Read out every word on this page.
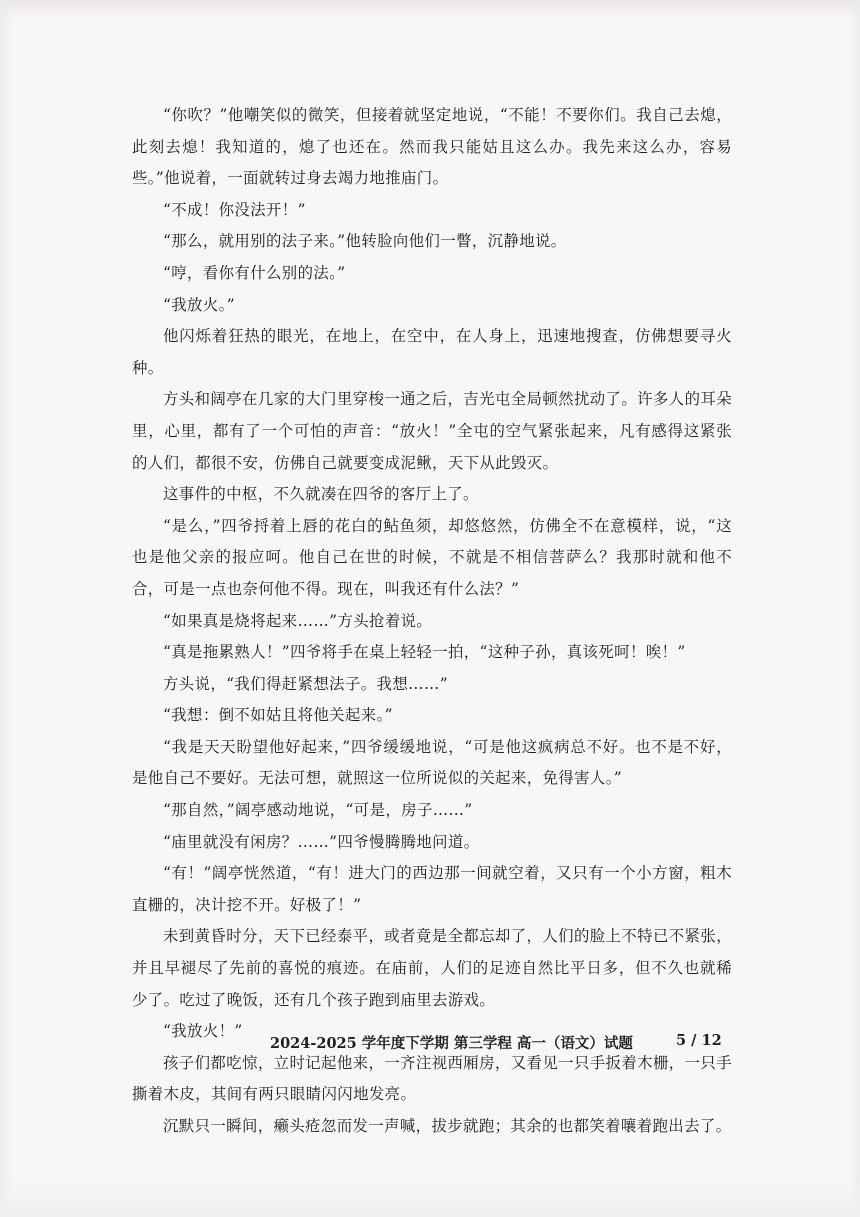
“你吹？”他嘲笑似的微笑，但接着就坚定地说，“不能！不要你们。我自己去熄，此刻去熄！我知道的，熄了也还在。然而我只能姑且这么办。我先来这么办，容易些。”他说着，一面就转过身去竭力地推庙门。

“不成！你没法开！”

“那么，就用别的法子来。”他转脸向他们一瞥，沉静地说。

“哼，看你有什么别的法。”

“我放火。”

他闪烁着狂热的眼光，在地上，在空中，在人身上，迅速地搜查，仿佛想要寻火种。

方头和阔亭在几家的大门里穿梭一通之后，吉光屯全局顿然扰动了。许多人的耳朵里，心里，都有了一个可怕的声音：“放火！”全屯的空气紧张起来，凡有感得这紧张的人们，都很不安，仿佛自己就要变成泥鳅，天下从此毁灭。

这事件的中枢，不久就凑在四爷的客厅上了。

“是么，”四爷捋着上唇的花白的鲇鱼须，却悠悠然，仿佛全不在意模样，说，“这也是他父亲的报应呵。他自己在世的时候，不就是不相信菩萨么？我那时就和他不合，可是一点也奈何他不得。现在，叫我还有什么法？”

“如果真是烧将起来……”方头抢着说。

“真是拖累熟人！”四爷将手在桌上轻轻一拍，“这种子孙，真该死呵！唉！”

方头说，“我们得赶紧想法子。我想……”

“我想：倒不如姑且将他关起来。”

“我是天天盼望他好起来，”四爷缓缓地说，“可是他这疯病总不好。也不是不好，是他自己不要好。无法可想，就照这一位所说似的关起来，免得害人。”

“那自然，”阔亭感动地说，“可是，房子……”

“庙里就没有闲房？……”四爷慢腾腾地问道。

“有！”阔亭恍然道，“有！进大门的西边那一间就空着，又只有一个小方窗，粗木直栅的，决计挖不开。好极了！”

未到黄昏时分，天下已经泰平，或者竟是全都忘却了，人们的脸上不特已不紧张，并且早褪尽了先前的喜悦的痕迹。在庙前，人们的足迹自然比平日多，但不久也就稀少了。吃过了晚饭，还有几个孩子跑到庙里去游戏。

“我放火！”

孩子们都吃惊，立时记起他来，一齐注视西厢房，又看见一只手扳着木栅，一只手撕着木皮，其间有两只眼睛闪闪地发亮。

沉默只一瞬间，癞头疮忽而发一声喊，拔步就跑；其余的也都笑着嚷着跑出去了。

2024-2025 学年度下学期 第三学程 高一（语文）试题	5 / 12
